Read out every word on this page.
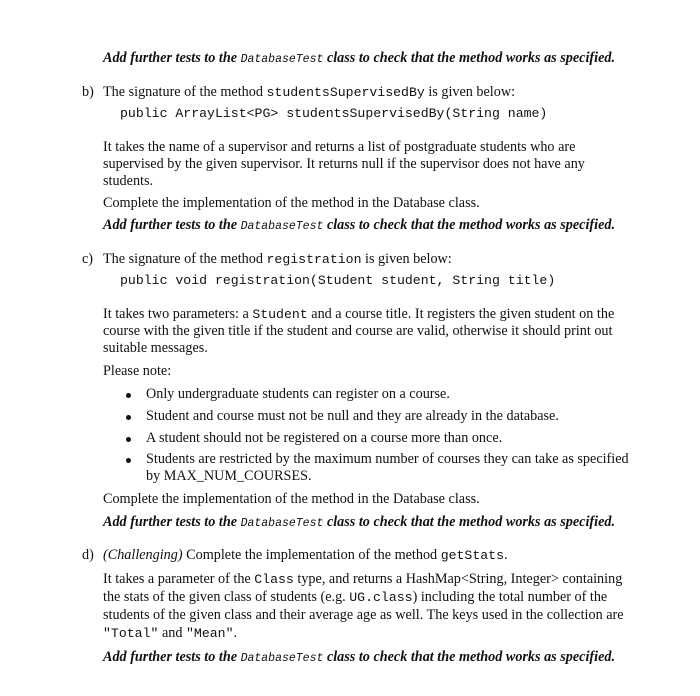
Add further tests to the DatabaseTest class to check that the method works as specified.
b) The signature of the method studentsSupervisedBy is given below:
public ArrayList<PG> studentsSupervisedBy(String name)
It takes the name of a supervisor and returns a list of postgraduate students who are
supervised by the given supervisor. It returns null if the supervisor does not have any
students.
Complete the implementation of the method in the Database class.
Add further tests to the DatabaseTest class to check that the method works as specified.
c) The signature of the method registration is given below:
public void registration(Student student, String title)
It takes two parameters: a Student and a course title. It registers the given student on the
course with the given title if the student and course are valid, otherwise it should print out
suitable messages.
Please note:
Only undergraduate students can register on a course.
Student and course must not be null and they are already in the database.
A student should not be registered on a course more than once.
Students are restricted by the maximum number of courses they can take as specified
by MAX_NUM_COURSES.
Complete the implementation of the method in the Database class.
Add further tests to the DatabaseTest class to check that the method works as specified.
d) (Challenging) Complete the implementation of the method getStats.
It takes a parameter of the Class type, and returns a HashMap<String, Integer> containing
the stats of the given class of students (e.g. UG.class) including the total number of the
students of the given class and their average age as well. The keys used in the collection are
"Total" and "Mean".
Add further tests to the DatabaseTest class to check that the method works as specified.
